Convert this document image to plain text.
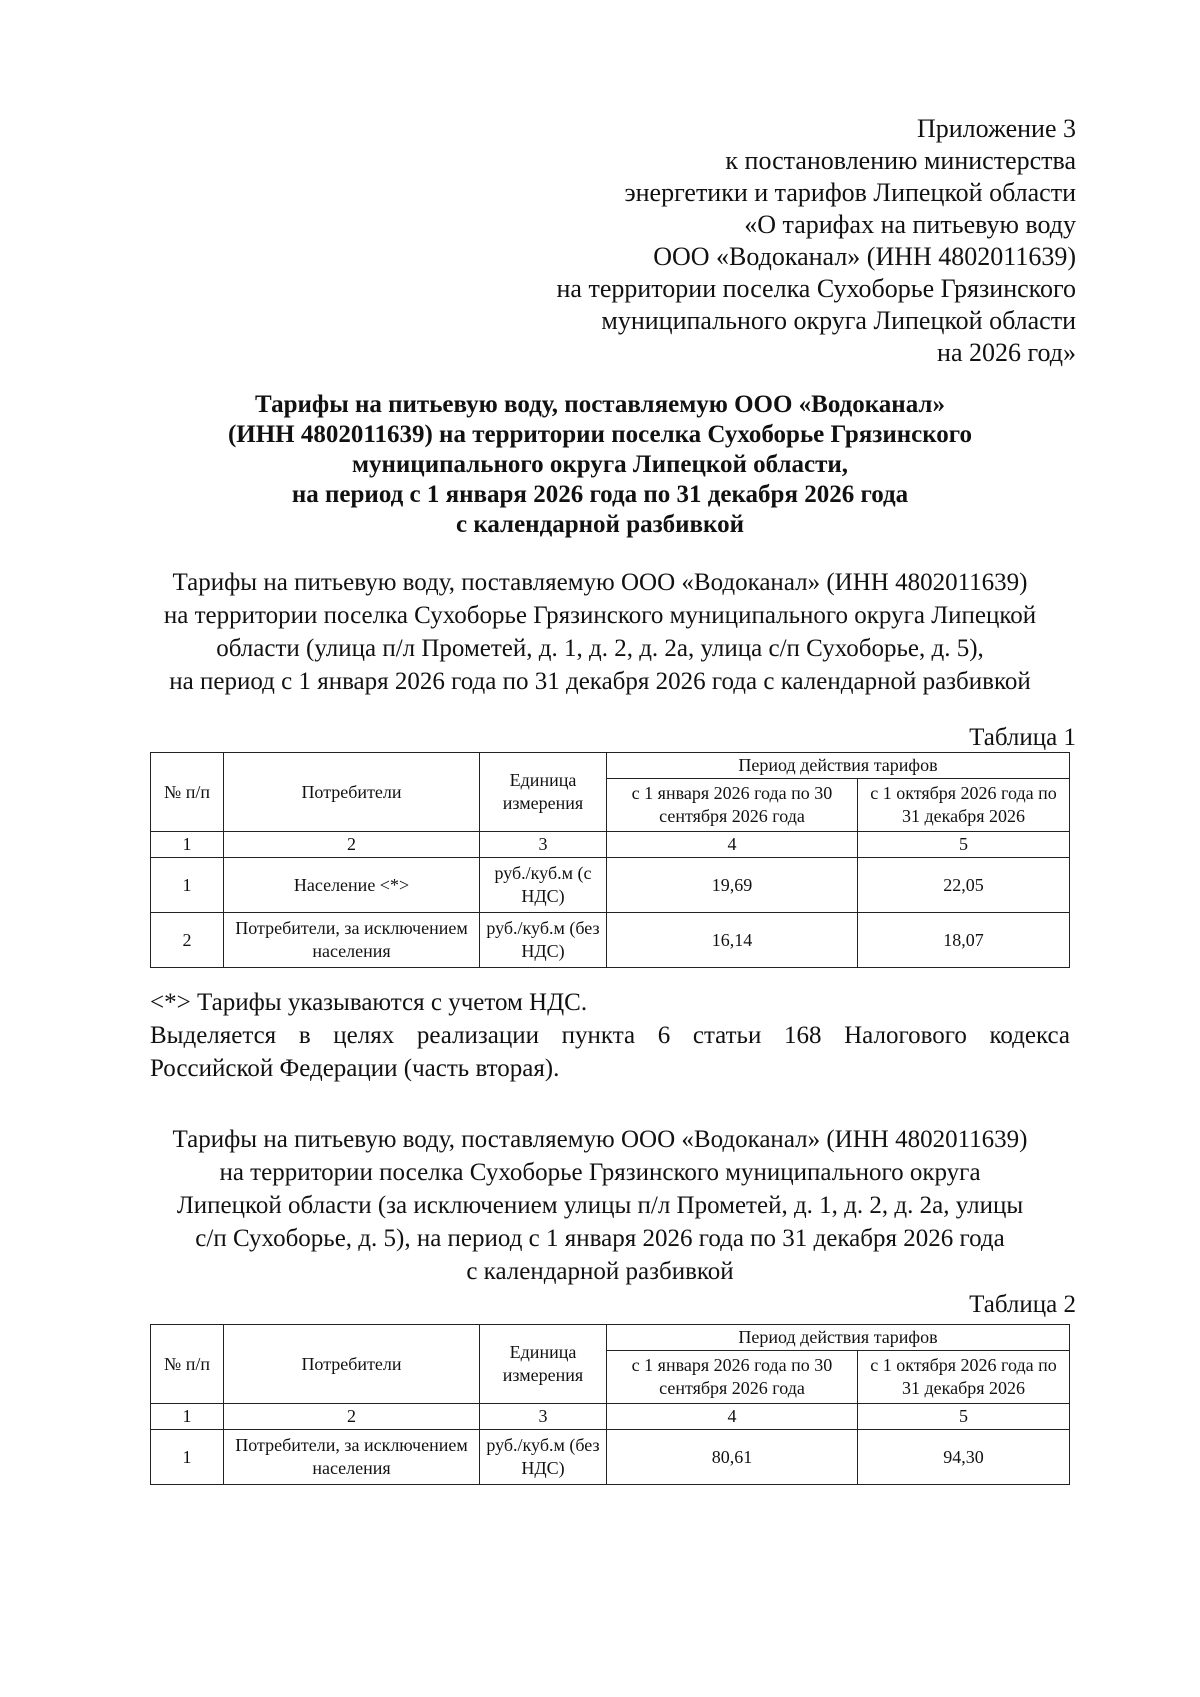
Приложение 3
к постановлению министерства
энергетики и тарифов Липецкой области
«О тарифах на питьевую воду
ООО «Водоканал» (ИНН 4802011639)
на территории поселка Сухоборье Грязинского
муниципального округа Липецкой области
на 2026 год»
Тарифы на питьевую воду, поставляемую ООО «Водоканал»
(ИНН 4802011639) на территории поселка Сухоборье Грязинского
муниципального округа Липецкой области,
на период с 1 января 2026 года по 31 декабря 2026 года
с календарной разбивкой
Тарифы на питьевую воду, поставляемую ООО «Водоканал» (ИНН 4802011639)
на территории поселка Сухоборье Грязинского муниципального округа Липецкой
области (улица п/л Прометей, д. 1, д. 2, д. 2а, улица с/п Сухоборье, д. 5),
на период с 1 января 2026 года по 31 декабря 2026 года с календарной разбивкой
Таблица 1
№ п/п	Потребители	Единица измерения	Период действия тарифов	
			с 1 января 2026 года по 30 сентября 2026 года	с 1 октября 2026 года по 31 декабря 2026
1	2	3	4	5
1	Население <*>	руб./куб.м (с НДС)	19,69	22,05
2	Потребители, за исключением населения	руб./куб.м (без НДС)	16,14	18,07
<*> Тарифы указываются с учетом НДС.
Выделяется в целях реализации пункта 6 статьи 168 Налогового кодекса
Российской Федерации (часть вторая).
Тарифы на питьевую воду, поставляемую ООО «Водоканал» (ИНН 4802011639)
на территории поселка Сухоборье Грязинского муниципального округа
Липецкой области (за исключением улицы п/л Прометей, д. 1, д. 2, д. 2а, улицы
с/п Сухоборье, д. 5), на период с 1 января 2026 года по 31 декабря 2026 года
с календарной разбивкой
Таблица 2
№ п/п	Потребители	Единица измерения	Период действия тарифов	
			с 1 января 2026 года по 30 сентября 2026 года	с 1 октября 2026 года по 31 декабря 2026
1	2	3	4	5
1	Потребители, за исключением населения	руб./куб.м (без НДС)	80,61	94,30
